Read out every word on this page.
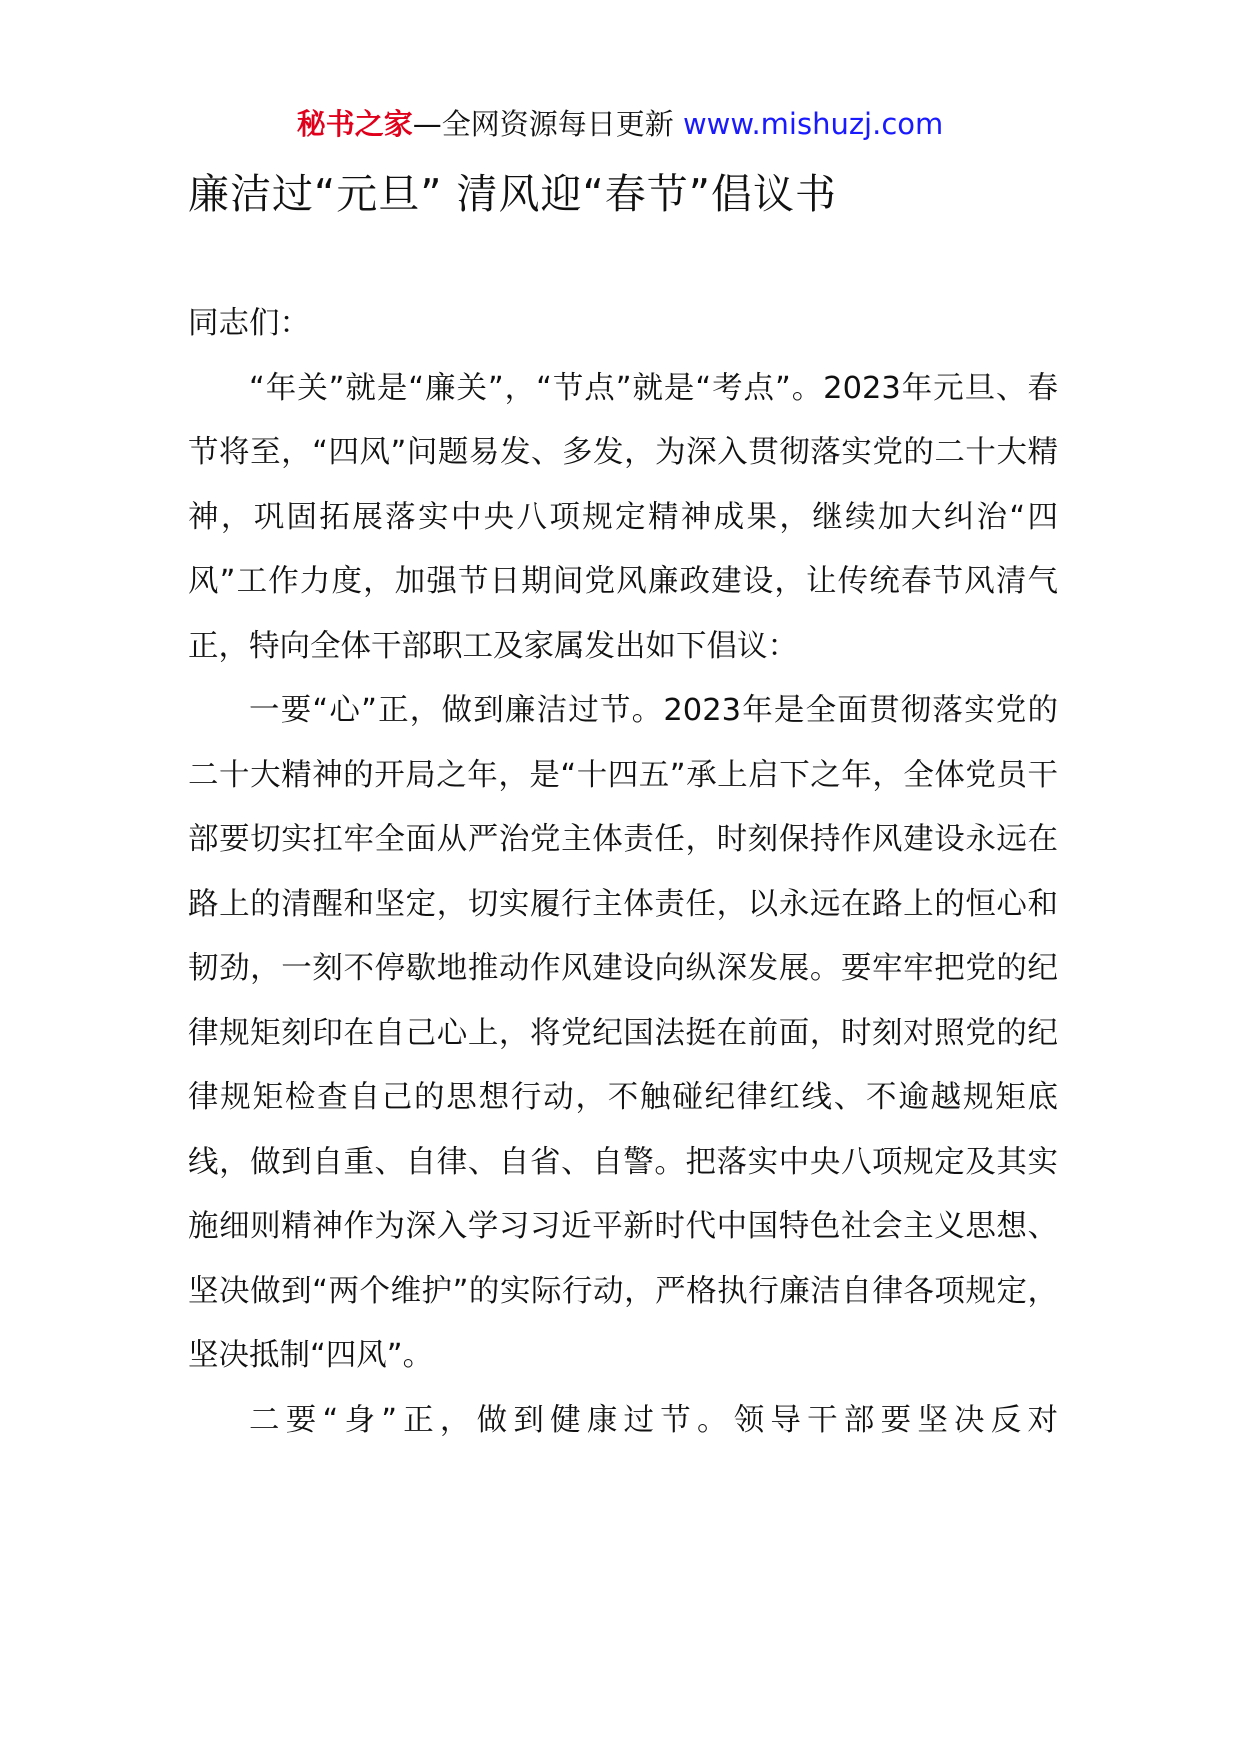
秘书之家—全网资源每日更新 www.mishuzj.com
廉洁过“元旦” 清风迎“春节”倡议书

同志们：

“年关”就是“廉关”，“节点”就是“考点”。2023年元旦、春节将至，“四风”问题易发、多发，为深入贯彻落实党的二十大精神，巩固拓展落实中央八项规定精神成果，继续加大纠治“四风”工作力度，加强节日期间党风廉政建设，让传统春节风清气正，特向全体干部职工及家属发出如下倡议：

一要“心”正，做到廉洁过节。2023年是全面贯彻落实党的二十大精神的开局之年，是“十四五”承上启下之年，全体党员干部要切实扛牢全面从严治党主体责任，时刻保持作风建设永远在路上的清醒和坚定，切实履行主体责任，以永远在路上的恒心和韧劲，一刻不停歇地推动作风建设向纵深发展。要牢牢把党的纪律规矩刻印在自己心上，将党纪国法挺在前面，时刻对照党的纪律规矩检查自己的思想行动，不触碰纪律红线、不逾越规矩底线，做到自重、自律、自省、自警。把落实中央八项规定及其实施细则精神作为深入学习习近平新时代中国特色社会主义思想、坚决做到“两个维护”的实际行动，严格执行廉洁自律各项规定，坚决抵制“四风”。

二要“身”正，做到健康过节。领导干部要坚决反对
